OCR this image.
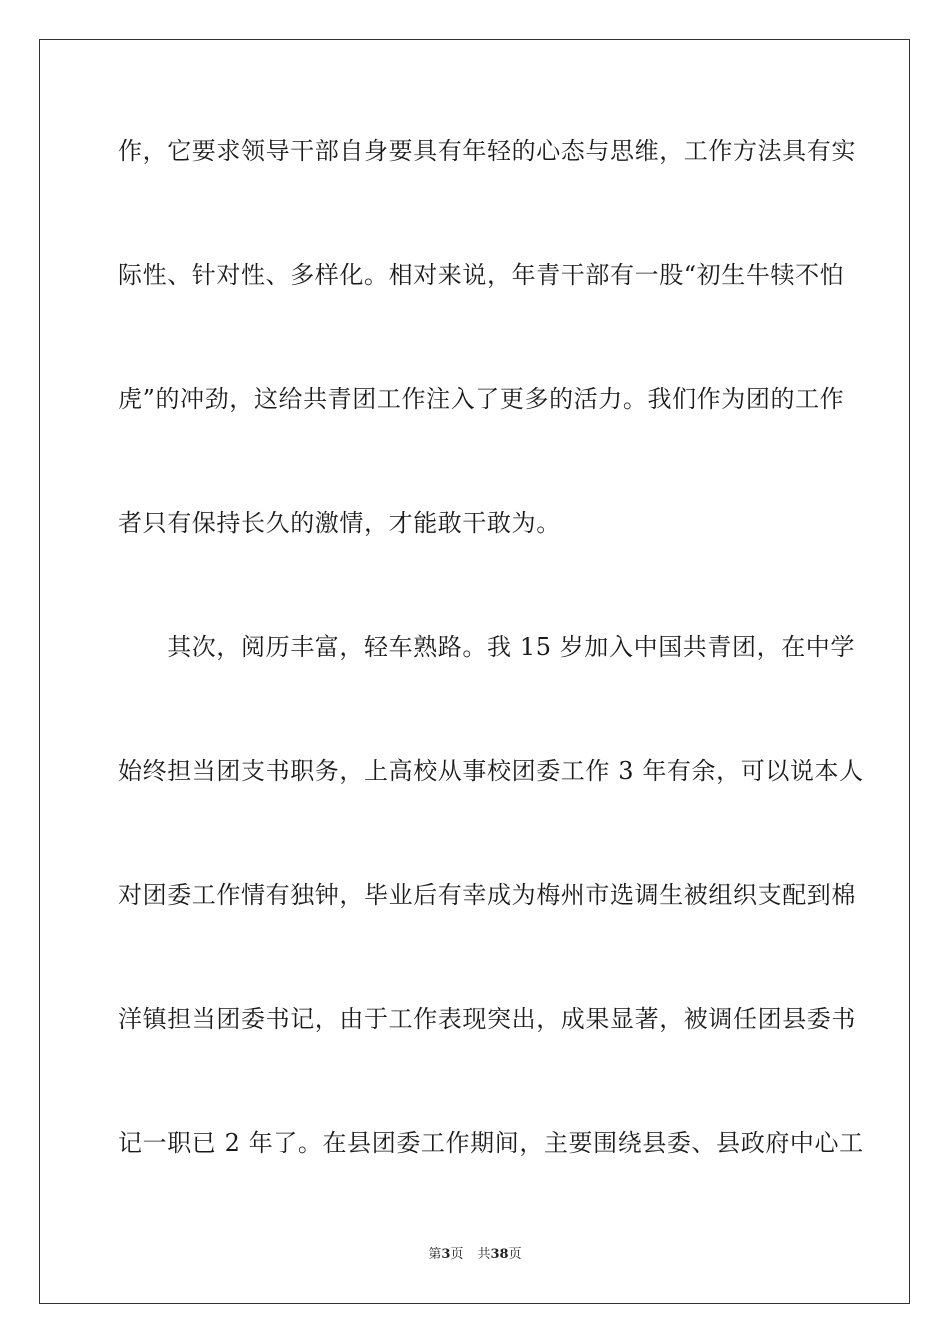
作，它要求领导干部自身要具有年轻的心态与思维，工作方法具有实
际性、针对性、多样化。相对来说，年青干部有一股“初生牛犊不怕
虎”的冲劲，这给共青团工作注入了更多的活力。我们作为团的工作
者只有保持长久的激情，才能敢干敢为。
　　其次，阅历丰富，轻车熟路。我 15 岁加入中国共青团，在中学
始终担当团支书职务，上高校从事校团委工作 3 年有余，可以说本人
对团委工作情有独钟，毕业后有幸成为梅州市选调生被组织支配到棉
洋镇担当团委书记，由于工作表现突出，成果显著，被调任团县委书
记一职已 2 年了。在县团委工作期间，主要围绕县委、县政府中心工
第3页 共38页
